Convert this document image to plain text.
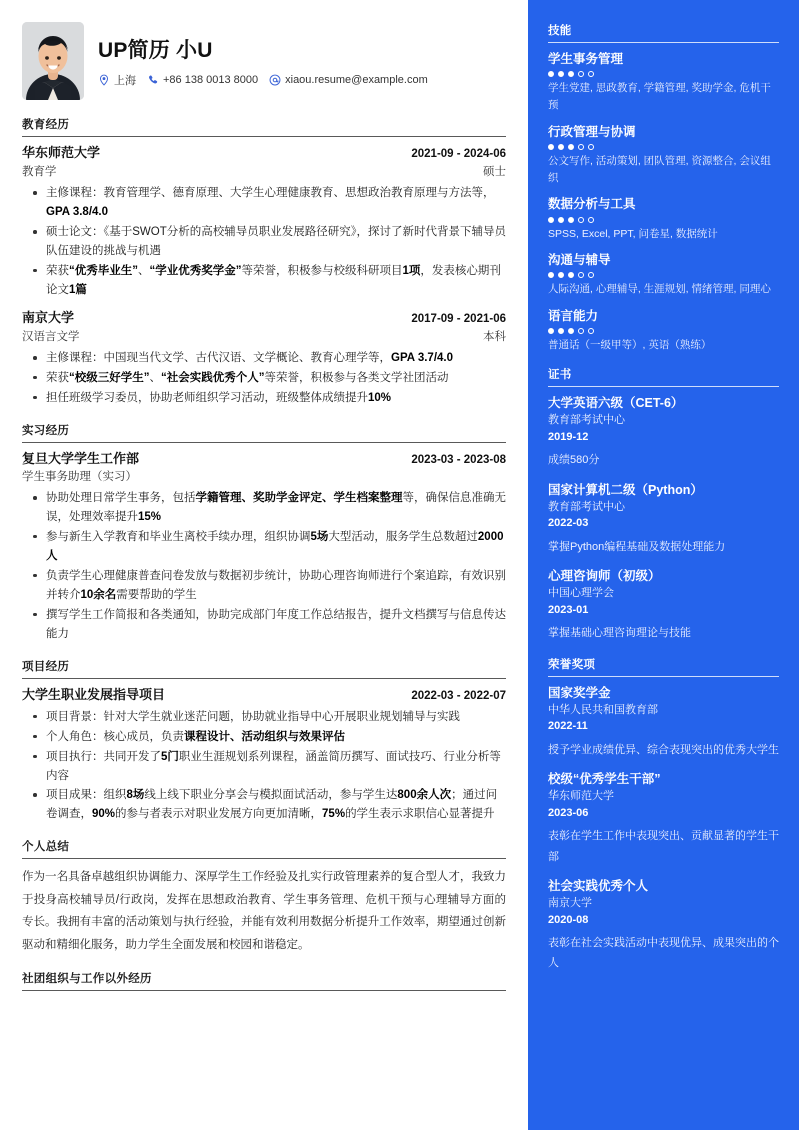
UP简历 小U
上海 +86 138 0013 8000 xiaou.resume@example.com
教育经历
华东师范大学	2021-09 - 2024-06
教育学	硕士
主修课程：教育管理学、德育原理、大学生心理健康教育、思想政治教育原理与方法等，GPA 3.8/4.0
硕士论文：《基于SWOT分析的高校辅导员职业发展路径研究》，探讨了新时代背景下辅导员队伍建设的挑战与机遇
荣获“优秀毕业生”、“学业优秀奖学金”等荣誉，积极参与校级科研项目1项，发表核心期刊论文1篇
南京大学	2017-09 - 2021-06
汉语言文学	本科
主修课程：中国现当代文学、古代汉语、文学概论、教育心理学等，GPA 3.7/4.0
荣获“校级三好学生”、“社会实践优秀个人”等荣誉，积极参与各类文学社团活动
担任班级学习委员，协助老师组织学习活动，班级整体成绩提升10%
实习经历
复旦大学学生工作部	2023-03 - 2023-08
学生事务助理（实习）
协助处理日常学生事务，包括学籍管理、奖助学金评定、学生档案整理等，确保信息准确无误，处理效率提升15%
参与新生入学教育和毕业生离校手续办理，组织协调5场大型活动，服务学生总数超过2000人
负责学生心理健康普查问卷发放与数据初步统计，协助心理咨询师进行个案追踪，有效识别并转介10余名需要帮助的学生
撰写学生工作简报和各类通知，协助完成部门年度工作总结报告，提升文档撰写与信息传达能力
项目经历
大学生职业发展指导项目	2022-03 - 2022-07
项目背景：针对大学生就业迷茫问题，协助就业指导中心开展职业规划辅导与实践
个人角色：核心成员，负责课程设计、活动组织与效果评估
项目执行：共同开发了5门职业生涯规划系列课程，涵盖简历撰写、面试技巧、行业分析等内容
项目成果：组织8场线上线下职业分享会与模拟面试活动，参与学生达800余人次；通过问卷调查，90%的参与者表示对职业发展方向更加清晰，75%的学生表示求职信心显著提升
个人总结
作为一名具备卓越组织协调能力、深厚学生工作经验及扎实行政管理素养的复合型人才，我致力于投身高校辅导员/行政岗，发挥在思想政治教育、学生事务管理、危机干预与心理辅导方面的专长。我拥有丰富的活动策划与执行经验，并能有效利用数据分析提升工作效率，期望通过创新驱动和精细化服务，助力学生全面发展和校园和谐稳定。
社团组织与工作以外经历
技能
学生事务管理
学生党建, 思政教育, 学籍管理, 奖助学金, 危机干预
行政管理与协调
公文写作, 活动策划, 团队管理, 资源整合, 会议组织
数据分析与工具
SPSS, Excel, PPT, 问卷星, 数据统计
沟通与辅导
人际沟通, 心理辅导, 生涯规划, 情绪管理, 同理心
语言能力
普通话（一级甲等）, 英语（熟练）
证书
大学英语六级（CET-6）
教育部考试中心
2019-12
成绩580分
国家计算机二级（Python）
教育部考试中心
2022-03
掌握Python编程基础及数据处理能力
心理咨询师（初级）
中国心理学会
2023-01
掌握基础心理咨询理论与技能
荣誉奖项
国家奖学金
中华人民共和国教育部
2022-11
授予学业成绩优异、综合表现突出的优秀大学生
校级“优秀学生干部”
华东师范大学
2023-06
表彰在学生工作中表现突出、贡献显著的学生干部
社会实践优秀个人
南京大学
2020-08
表彰在社会实践活动中表现优异、成果突出的个人
